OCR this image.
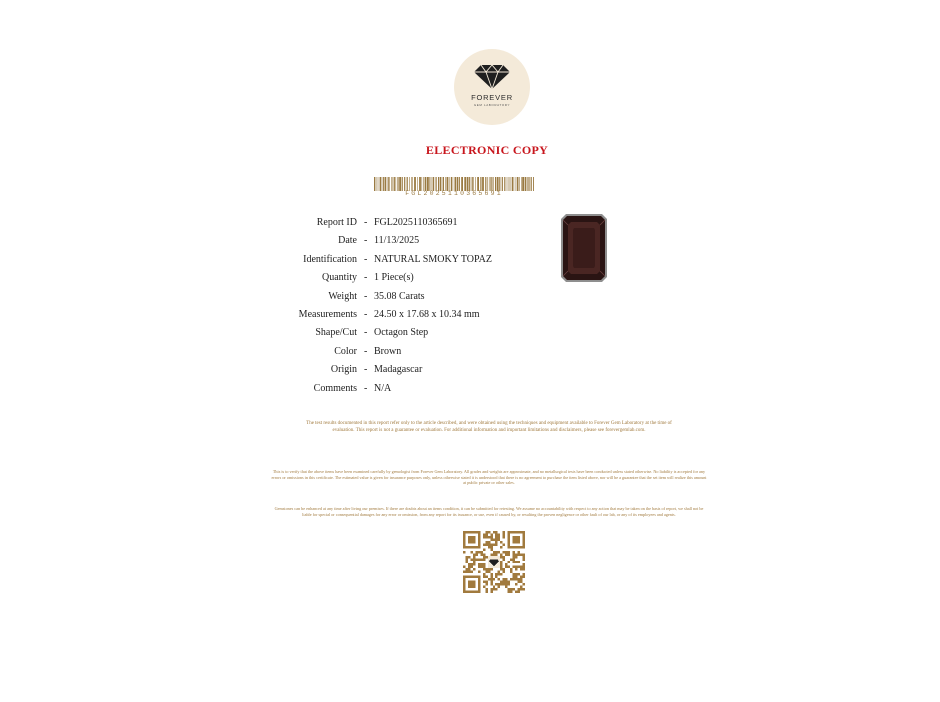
FOREVER
GEM LABORATORY
ELECTRONIC COPY
FGL2025110365691
Report ID - FGL2025110365691
Date - 11/13/2025
Identification - NATURAL SMOKY TOPAZ
Quantity - 1 Piece(s)
Weight - 35.08 Carats
Measurements - 24.50 x 17.68 x 10.34 mm
Shape/Cut - Octagon Step
Color - Brown
Origin - Madagascar
Comments - N/A
The test results documented in this report refer only to the article described, and were obtained using the techniques and equipment available to Forever Gem Laboratory at the time of evaluation. This report is not a guarantee or evaluation. For additional information and important limitations and disclaimers, please see forevergemlab.com.
This is to verify that the above items have been examined carefully by gemologist from Forever Gem Laboratory. All grades and weights are approximate, and no metallurgical tests have been conducted unless stated otherwise. No liability is accepted for any errors or omissions in this certificate. The estimated value is given for insurance purposes only, unless otherwise stated it is understood that there is no agreement to purchase the item listed above, nor will be a guarantee that the set item will realize this amount at public private or other sales.
Gemstones can be enhanced at any time after living our premises. If there are doubts about an items condition, it can be submitted for retesting. We assume no accountability with respect to any action that may be taken on the basis of report, we shall not be liable for special or consequential damages for any error or omission, from any report for its issuance, or use, even if caused by, or resulting the proven negligence or other fault of our lab, or any of its employees and agents.
